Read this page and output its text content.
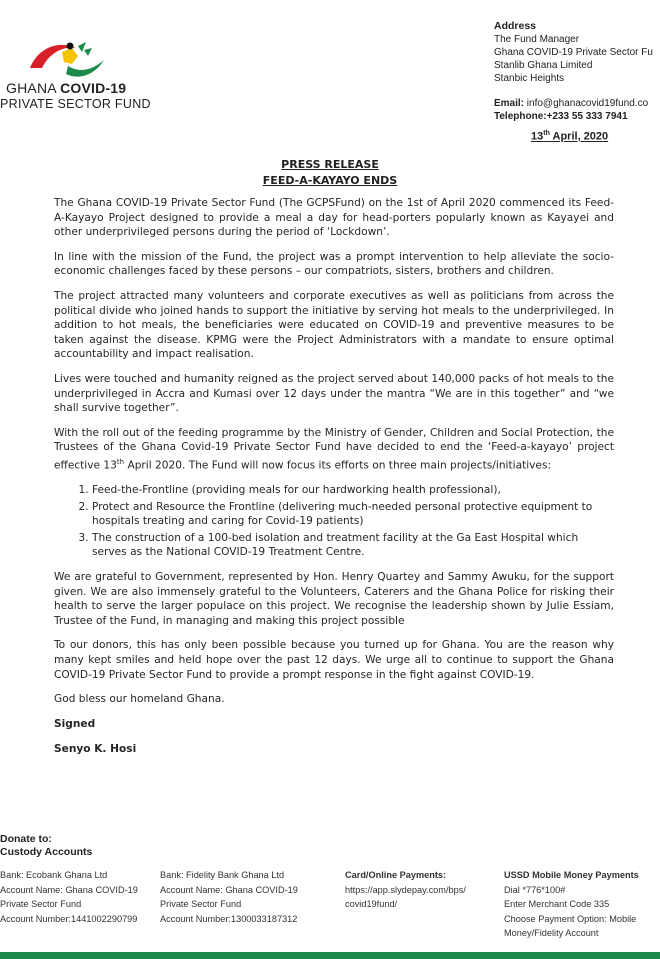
GHANA COVID-19
PRIVATE SECTOR FUND
Address
The Fund Manager
Ghana COVID-19 Private Sector Fu
Stanlib Ghana Limited
Stanbic Heights
Email: info@ghanacovid19fund.co
Telephone:+233 55 333 7941
13th April, 2020
PRESS RELEASE
FEED-A-KAYAYO ENDS

The Ghana COVID-19 Private Sector Fund (The GCPSFund) on the 1st of April 2020 commenced its Feed-A-Kayayo Project designed to provide a meal a day for head-porters popularly known as Kayayei and other underprivileged persons during the period of ‘Lockdown’.

In line with the mission of the Fund, the project was a prompt intervention to help alleviate the socio-economic challenges faced by these persons – our compatriots, sisters, brothers and children.

The project attracted many volunteers and corporate executives as well as politicians from across the political divide who joined hands to support the initiative by serving hot meals to the underprivileged. In addition to hot meals, the beneficiaries were educated on COVID-19 and preventive measures to be taken against the disease. KPMG were the Project Administrators with a mandate to ensure optimal accountability and impact realisation.

Lives were touched and humanity reigned as the project served about 140,000 packs of hot meals to the underprivileged in Accra and Kumasi over 12 days under the mantra “We are in this together” and “we shall survive together”.

With the roll out of the feeding programme by the Ministry of Gender, Children and Social Protection, the Trustees of the Ghana Covid-19 Private Sector Fund have decided to end the ‘Feed-a-kayayo’ project effective 13th April 2020. The Fund will now focus its efforts on three main projects/initiatives:

1. Feed-the-Frontline (providing meals for our hardworking health professional),
2. Protect and Resource the Frontline (delivering much-needed personal protective equipment to hospitals treating and caring for Covid-19 patients)
3. The construction of a 100-bed isolation and treatment facility at the Ga East Hospital which serves as the National COVID-19 Treatment Centre.

We are grateful to Government, represented by Hon. Henry Quartey and Sammy Awuku, for the support given. We are also immensely grateful to the Volunteers, Caterers and the Ghana Police for risking their health to serve the larger populace on this project. We recognise the leadership shown by Julie Essiam, Trustee of the Fund, in managing and making this project possible

To our donors, this has only been possible because you turned up for Ghana. You are the reason why many kept smiles and held hope over the past 12 days. We urge all to continue to support the Ghana COVID-19 Private Sector Fund to provide a prompt response in the fight against COVID-19.

God bless our homeland Ghana.

Signed

Senyo K. Hosi

Donate to:
Custody Accounts
Bank: Ecobank Ghana Ltd
Account Name: Ghana COVID-19
Private Sector Fund
Account Number:1441002290799
Bank: Fidelity Bank Ghana Ltd
Account Name: Ghana COVID-19
Private Sector Fund
Account Number:1300033187312
Card/Online Payments:
https://app.slydepay.com/bps/
covid19fund/
USSD Mobile Money Payments
Dial *776*100#
Enter Merchant Code 335
Choose Payment Option: Mobile
Money/Fidelity Account
